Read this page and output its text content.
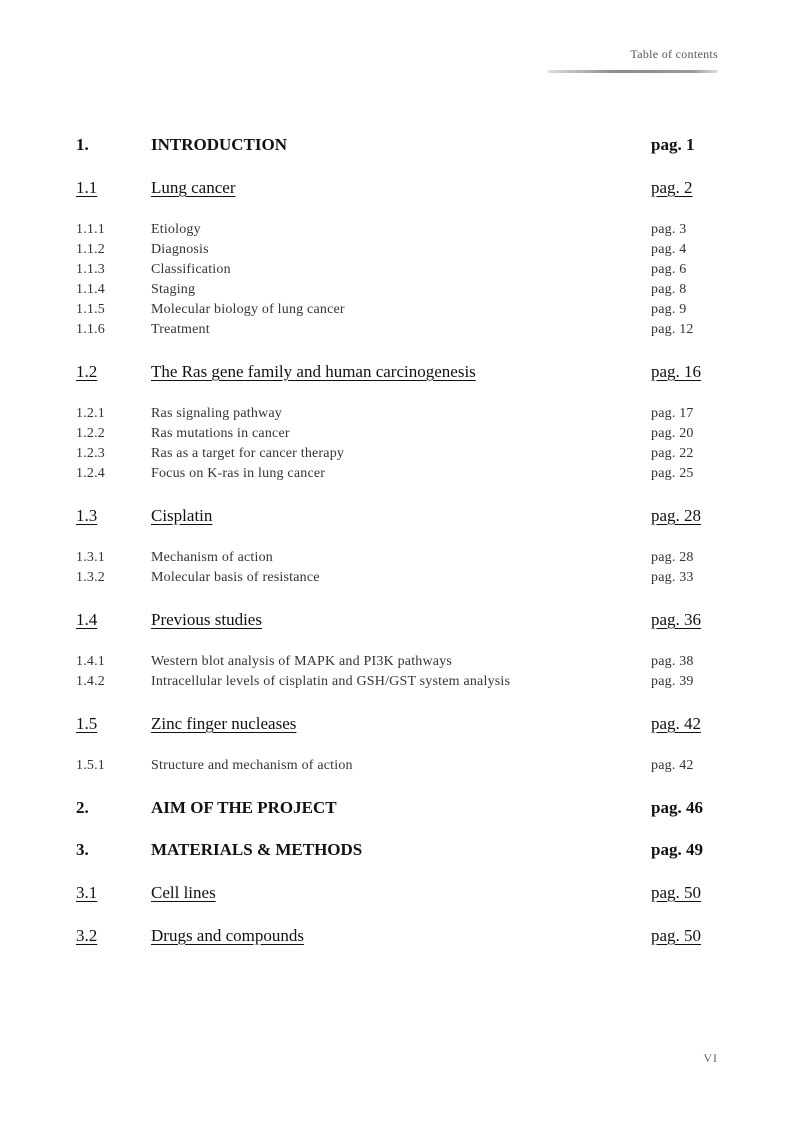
Table of contents
1.	INTRODUCTION	pag. 1
1.1	Lung cancer	pag. 2
1.1.1	Etiology	pag. 3
1.1.2	Diagnosis	pag. 4
1.1.3	Classification	pag. 6
1.1.4	Staging	pag. 8
1.1.5	Molecular biology of lung cancer	pag. 9
1.1.6	Treatment	pag. 12
1.2	The Ras gene family and human carcinogenesis	pag. 16
1.2.1	Ras signaling pathway	pag. 17
1.2.2	Ras mutations in cancer	pag. 20
1.2.3	Ras as a target for cancer therapy	pag. 22
1.2.4	Focus on K-ras in lung cancer	pag. 25
1.3	Cisplatin	pag. 28
1.3.1	Mechanism of action	pag. 28
1.3.2	Molecular basis of resistance	pag. 33
1.4	Previous studies	pag. 36
1.4.1	Western blot analysis of MAPK and PI3K pathways	pag. 38
1.4.2	Intracellular levels of cisplatin and GSH/GST system analysis	pag. 39
1.5	Zinc finger nucleases	pag. 42
1.5.1	Structure and mechanism of action	pag. 42
2.	AIM OF THE PROJECT	pag. 46
3.	MATERIALS & METHODS	pag. 49
3.1	Cell lines	pag. 50
3.2	Drugs and compounds	pag. 50
VI
